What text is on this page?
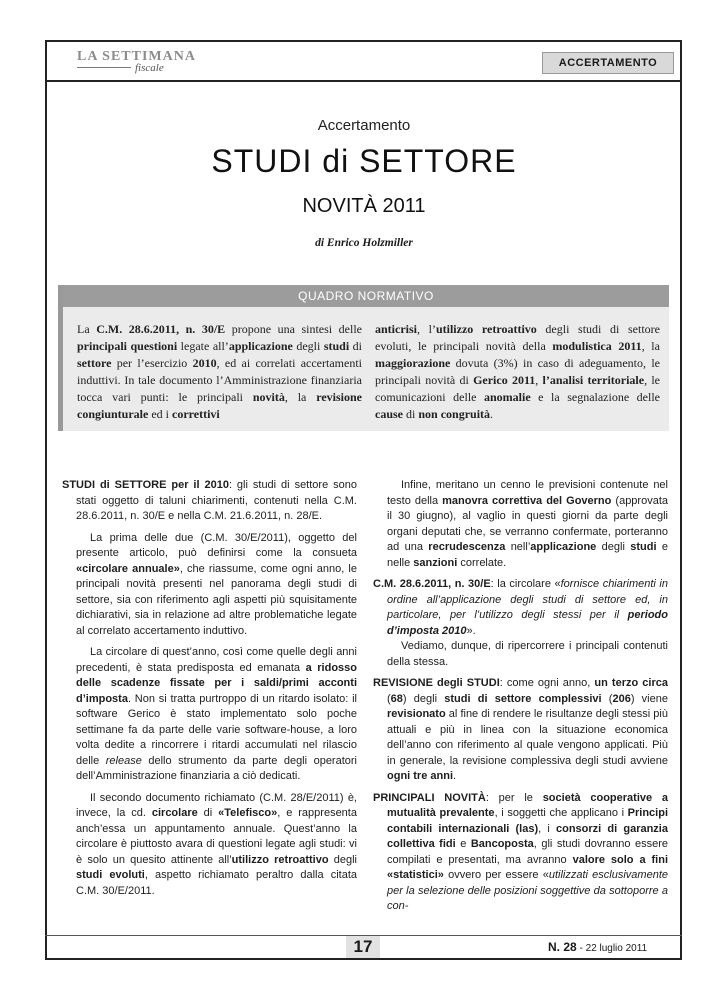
LA SETTIMANA
fiscale	ACCERTAMENTO
Accertamento
STUDI di SETTORE
NOVITÀ 2011
di Enrico Holzmiller
QUADRO NORMATIVO
La C.M. 28.6.2011, n. 30/E propone una sintesi delle principali questioni legate all’applicazione degli studi di settore per l’esercizio 2010, ed ai correlati accertamenti induttivi. In tale documento l’Amministrazione finanziaria tocca vari punti: le principali novità, la revisione congiunturale ed i correttivi
anticrisi, l’utilizzo retroattivo degli studi di settore evoluti, le principali novità della modulistica 2011, la maggiorazione dovuta (3%) in caso di adeguamento, le principali novità di Gerico 2011, l’analisi territoriale, le comunicazioni delle anomalie e la segnalazione delle cause di non congruità.

STUDI di SETTORE per il 2010: gli studi di settore sono stati oggetto di taluni chiarimenti, contenuti nella C.M. 28.6.2011, n. 30/E e nella C.M. 21.6.2011, n. 28/E.

La prima delle due (C.M. 30/E/2011), oggetto del presente articolo, può definirsi come la consueta «circolare annuale», che riassume, come ogni anno, le principali novità presenti nel panorama degli studi di settore, sia con riferimento agli aspetti più squisitamente dichiarativi, sia in relazione ad altre problematiche legate al correlato accertamento induttivo.

La circolare di quest’anno, così come quelle degli anni precedenti, è stata predisposta ed emanata a ridosso delle scadenze fissate per i saldi/primi acconti d’imposta. Non si tratta purtroppo di un ritardo isolato: il software Gerico è stato implementato solo poche settimane fa da parte delle varie software-house, a loro volta dedite a rincorrere i ritardi accumulati nel rilascio delle release dello strumento da parte degli operatori dell’Amministrazione finanziaria a ciò dedicati.

Il secondo documento richiamato (C.M. 28/E/2011) è, invece, la cd. circolare di «Telefisco», e rappresenta anch’essa un appuntamento annuale. Quest’anno la circolare è piuttosto avara di questioni legate agli studi: vi è solo un quesito attinente all’utilizzo retroattivo degli studi evoluti, aspetto richiamato peraltro dalla citata C.M. 30/E/2011.

Infine, meritano un cenno le previsioni contenute nel testo della manovra correttiva del Governo (approvata il 30 giugno), al vaglio in questi giorni da parte degli organi deputati che, se verranno confermate, porteranno ad una recrudescenza nell’applicazione degli studi e nelle sanzioni correlate.

C.M. 28.6.2011, n. 30/E: la circolare «fornisce chiarimenti in ordine all’applicazione degli studi di settore ed, in particolare, per l’utilizzo degli stessi per il periodo d’imposta 2010».
Vediamo, dunque, di ripercorrere i principali contenuti della stessa.

REVISIONE degli STUDI: come ogni anno, un terzo circa (68) degli studi di settore complessivi (206) viene revisionato al fine di rendere le risultanze degli stessi più attuali e più in linea con la situazione economica dell’anno con riferimento al quale vengono applicati. Più in generale, la revisione complessiva degli studi avviene ogni tre anni.

PRINCIPALI NOVITÀ: per le società cooperative a mutualità prevalente, i soggetti che applicano i Principi contabili internazionali (las), i consorzi di garanzia collettiva fidi e Bancoposta, gli studi dovranno essere compilati e presentati, ma avranno valore solo a fini «statistici» ovvero per essere «utilizzati esclusivamente per la selezione delle posizioni soggettive da sottoporre a con-

17	N. 28 - 22 luglio 2011
